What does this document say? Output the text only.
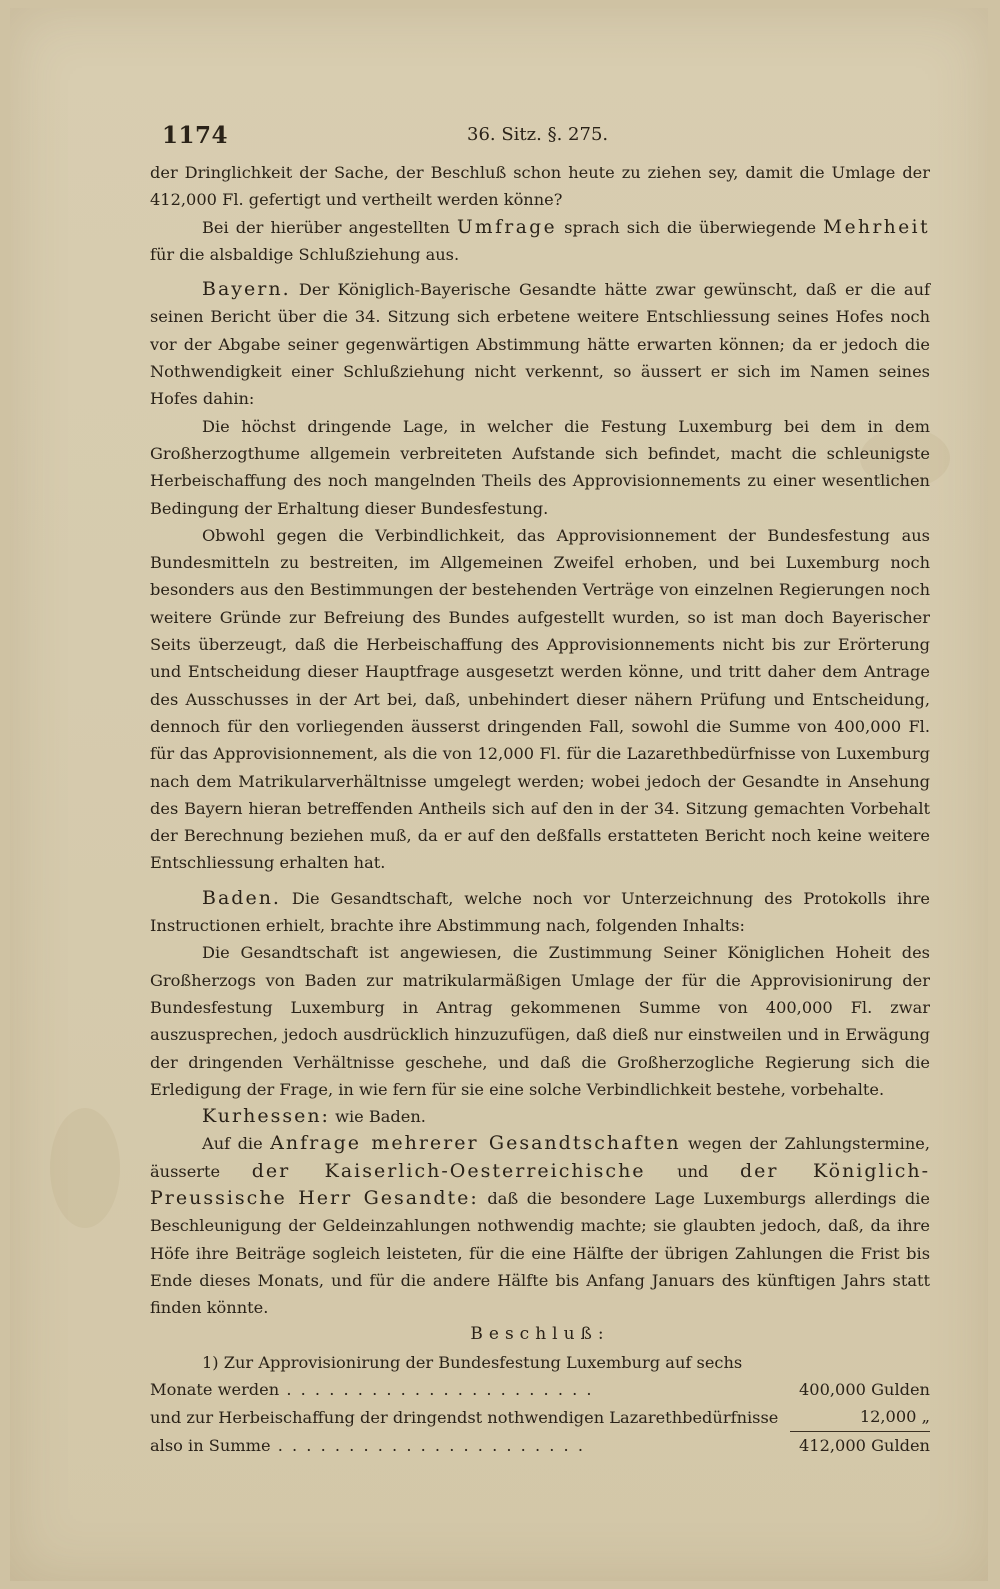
1174	36. Sitz. §. 275.

der Dringlichkeit der Sache, der Beschluß schon heute zu ziehen sey, damit die Umlage der 412,000 Fl. gefertigt und vertheilt werden könne?

Bei der hierüber angestellten Umfrage sprach sich die überwiegende Mehrheit für die alsbaldige Schlußziehung aus.

Bayern. Der Königlich-Bayerische Gesandte hätte zwar gewünscht, daß er die auf seinen Bericht über die 34. Sitzung sich erbetene weitere Entschliessung seines Hofes noch vor der Abgabe seiner gegenwärtigen Abstimmung hätte erwarten können; da er jedoch die Nothwendigkeit einer Schlußziehung nicht verkennt, so äussert er sich im Namen seines Hofes dahin:

Die höchst dringende Lage, in welcher die Festung Luxemburg bei dem in dem Großherzogthume allgemein verbreiteten Aufstande sich befindet, macht die schleunigste Herbeischaffung des noch mangelnden Theils des Approvisionnements zu einer wesentlichen Bedingung der Erhaltung dieser Bundesfestung.

Obwohl gegen die Verbindlichkeit, das Approvisionnement der Bundesfestung aus Bundesmitteln zu bestreiten, im Allgemeinen Zweifel erhoben, und bei Luxemburg noch besonders aus den Bestimmungen der bestehenden Verträge von einzelnen Regierungen noch weitere Gründe zur Befreiung des Bundes aufgestellt wurden, so ist man doch Bayerischer Seits überzeugt, daß die Herbeischaffung des Approvisionnements nicht bis zur Erörterung und Entscheidung dieser Hauptfrage ausgesetzt werden könne, und tritt daher dem Antrage des Ausschusses in der Art bei, daß, unbehindert dieser nähern Prüfung und Entscheidung, dennoch für den vorliegenden äusserst dringenden Fall, sowohl die Summe von 400,000 Fl. für das Approvisionnement, als die von 12,000 Fl. für die Lazarethbedürfnisse von Luxemburg nach dem Matrikularverhältnisse umgelegt werden; wobei jedoch der Gesandte in Ansehung des Bayern hieran betreffenden Antheils sich auf den in der 34. Sitzung gemachten Vorbehalt der Berechnung beziehen muß, da er auf den deßfalls erstatteten Bericht noch keine weitere Entschliessung erhalten hat.

Baden. Die Gesandtschaft, welche noch vor Unterzeichnung des Protokolls ihre Instructionen erhielt, brachte ihre Abstimmung nach, folgenden Inhalts:

Die Gesandtschaft ist angewiesen, die Zustimmung Seiner Königlichen Hoheit des Großherzogs von Baden zur matrikularmäßigen Umlage der für die Approvisionirung der Bundesfestung Luxemburg in Antrag gekommenen Summe von 400,000 Fl. zwar auszusprechen, jedoch ausdrücklich hinzuzufügen, daß dieß nur einstweilen und in Erwägung der dringenden Verhältnisse geschehe, und daß die Großherzogliche Regierung sich die Erledigung der Frage, in wie fern für sie eine solche Verbindlichkeit bestehe, vorbehalte.

Kurhessen: wie Baden.

Auf die Anfrage mehrerer Gesandtschaften wegen der Zahlungstermine, äusserte der Kaiserlich-Oesterreichische und der Königlich-Preussische Herr Gesandte: daß die besondere Lage Luxemburgs allerdings die Beschleunigung der Geldeinzahlungen nothwendig machte; sie glaubten jedoch, daß, da ihre Höfe ihre Beiträge sogleich leisteten, für die eine Hälfte der übrigen Zahlungen die Frist bis Ende dieses Monats, und für die andere Hälfte bis Anfang Januars des künftigen Jahrs statt finden könnte.

Beschluß:

1) Zur Approvisionirung der Bundesfestung Luxemburg auf sechs

Monate werden . .	400,000 Gulden
und zur Herbeischaffung der dringendst nothwendigen Lazarethbedürfnisse	12,000 „
also in Summe . .	412,000 Gulden
